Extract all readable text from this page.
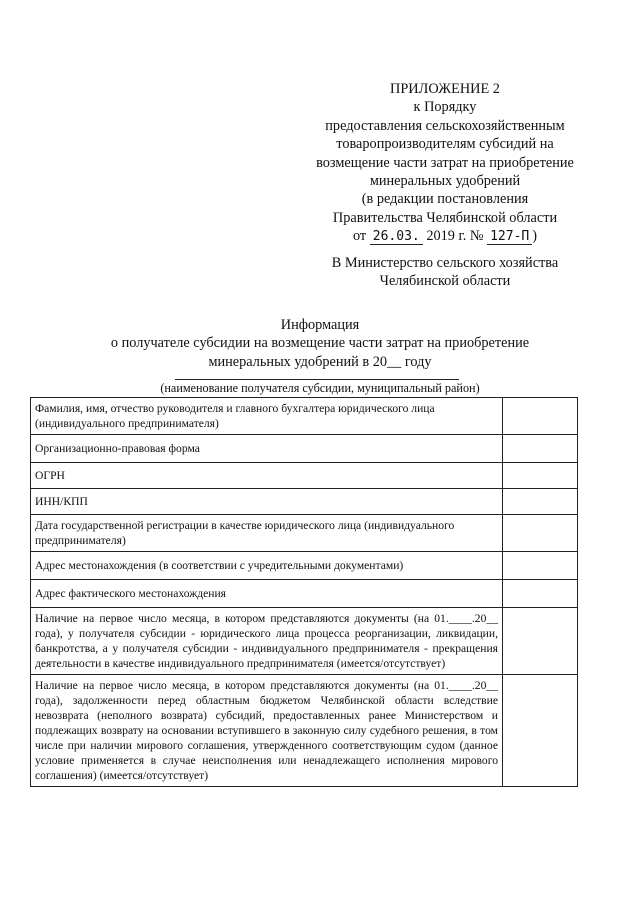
ПРИЛОЖЕНИЕ 2
к Порядку
предоставления сельскохозяйственным
товаропроизводителям субсидий на
возмещение части затрат на приобретение
минеральных удобрений
(в редакции постановления
Правительства Челябинской области
от 26.03. 2019 г. № 127-П )
В Министерство сельского хозяйства
Челябинской области
Информация
о получателе субсидии на возмещение части затрат на приобретение
минеральных удобрений в 20__ году
(наименование получателя субсидии, муниципальный район)
Фамилия, имя, отчество руководителя и главного бухгалтера юридического лица (индивидуального предпринимателя)	
Организационно-правовая форма	
ОГРН	
ИНН/КПП	
Дата государственной регистрации в качестве юридического лица (индивидуального предпринимателя)	
Адрес местонахождения (в соответствии с учредительными документами)	
Адрес фактического местонахождения	
Наличие на первое число месяца, в котором представляются документы (на 01.____.20__ года), у получателя субсидии - юридического лица процесса реорганизации, ликвидации, банкротства, а у получателя субсидии - индивидуального предпринимателя - прекращения деятельности в качестве индивидуального предпринимателя (имеется/отсутствует)	
Наличие на первое число месяца, в котором представляются документы (на 01.____.20__ года), задолженности перед областным бюджетом Челябинской области вследствие невозврата (неполного возврата) субсидий, предоставленных ранее Министерством и подлежащих возврату на основании вступившего в законную силу судебного решения, в том числе при наличии мирового соглашения, утвержденного соответствующим судом (данное условие применяется в случае неисполнения или ненадлежащего исполнения мирового соглашения) (имеется/отсутствует)	
